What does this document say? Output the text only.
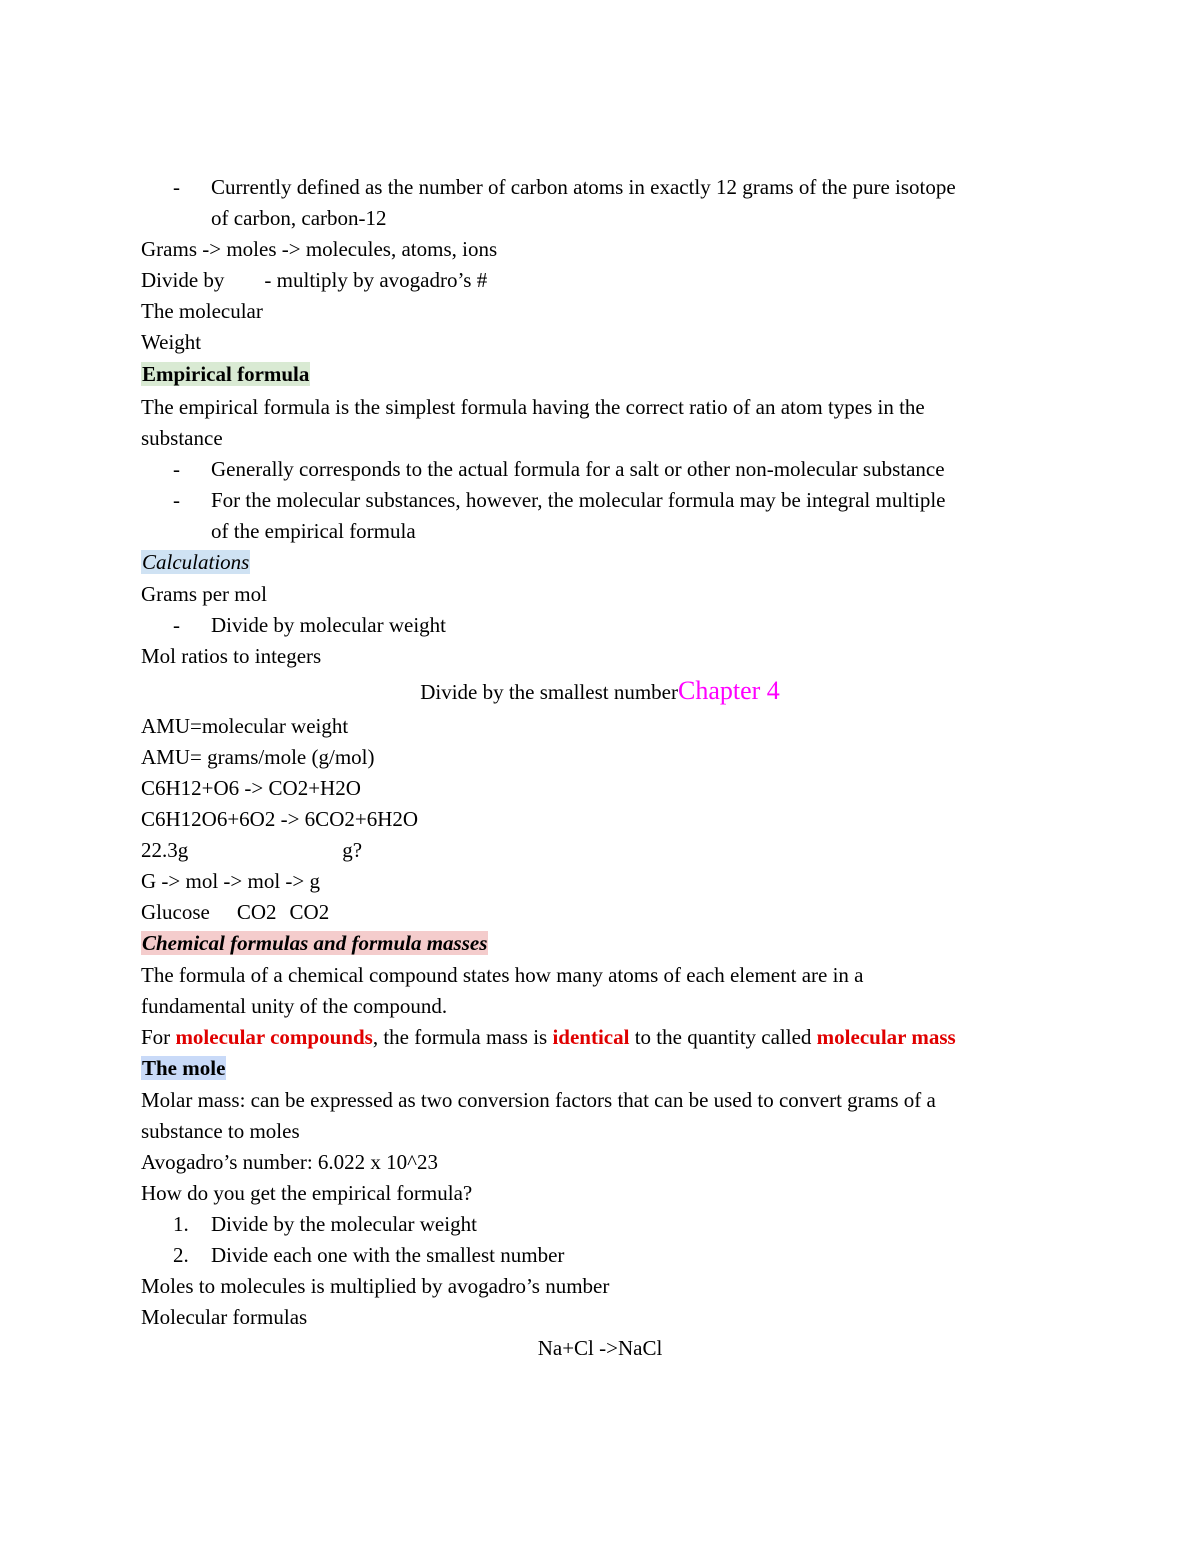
- Currently defined as the number of carbon atoms in exactly 12 grams of the pure isotope
of carbon, carbon-12
Grams -> moles -> molecules, atoms, ions
Divide by - multiply by avogadro’s #
The molecular
Weight
Empirical formula
The empirical formula is the simplest formula having the correct ratio of an atom types in the
substance
- Generally corresponds to the actual formula for a salt or other non-molecular substance
- For the molecular substances, however, the molecular formula may be integral multiple
of the empirical formula
Calculations
Grams per mol
- Divide by molecular weight
Mol ratios to integers
Divide by the smallest numberChapter 4
AMU=molecular weight
AMU= grams/mole (g/mol)
C6H12+O6 -> CO2+H2O
C6H12O6+6O2 -> 6CO2+6H2O
22.3g	g?
G -> mol -> mol -> g
Glucose CO2 CO2
Chemical formulas and formula masses
The formula of a chemical compound states how many atoms of each element are in a
fundamental unity of the compound.
For molecular compounds, the formula mass is identical to the quantity called molecular mass
The mole
Molar mass: can be expressed as two conversion factors that can be used to convert grams of a
substance to moles
Avogadro’s number: 6.022 x 10^23
How do you get the empirical formula?
1. Divide by the molecular weight
2. Divide each one with the smallest number
Moles to molecules is multiplied by avogadro’s number
Molecular formulas
Na+Cl ->NaCl
